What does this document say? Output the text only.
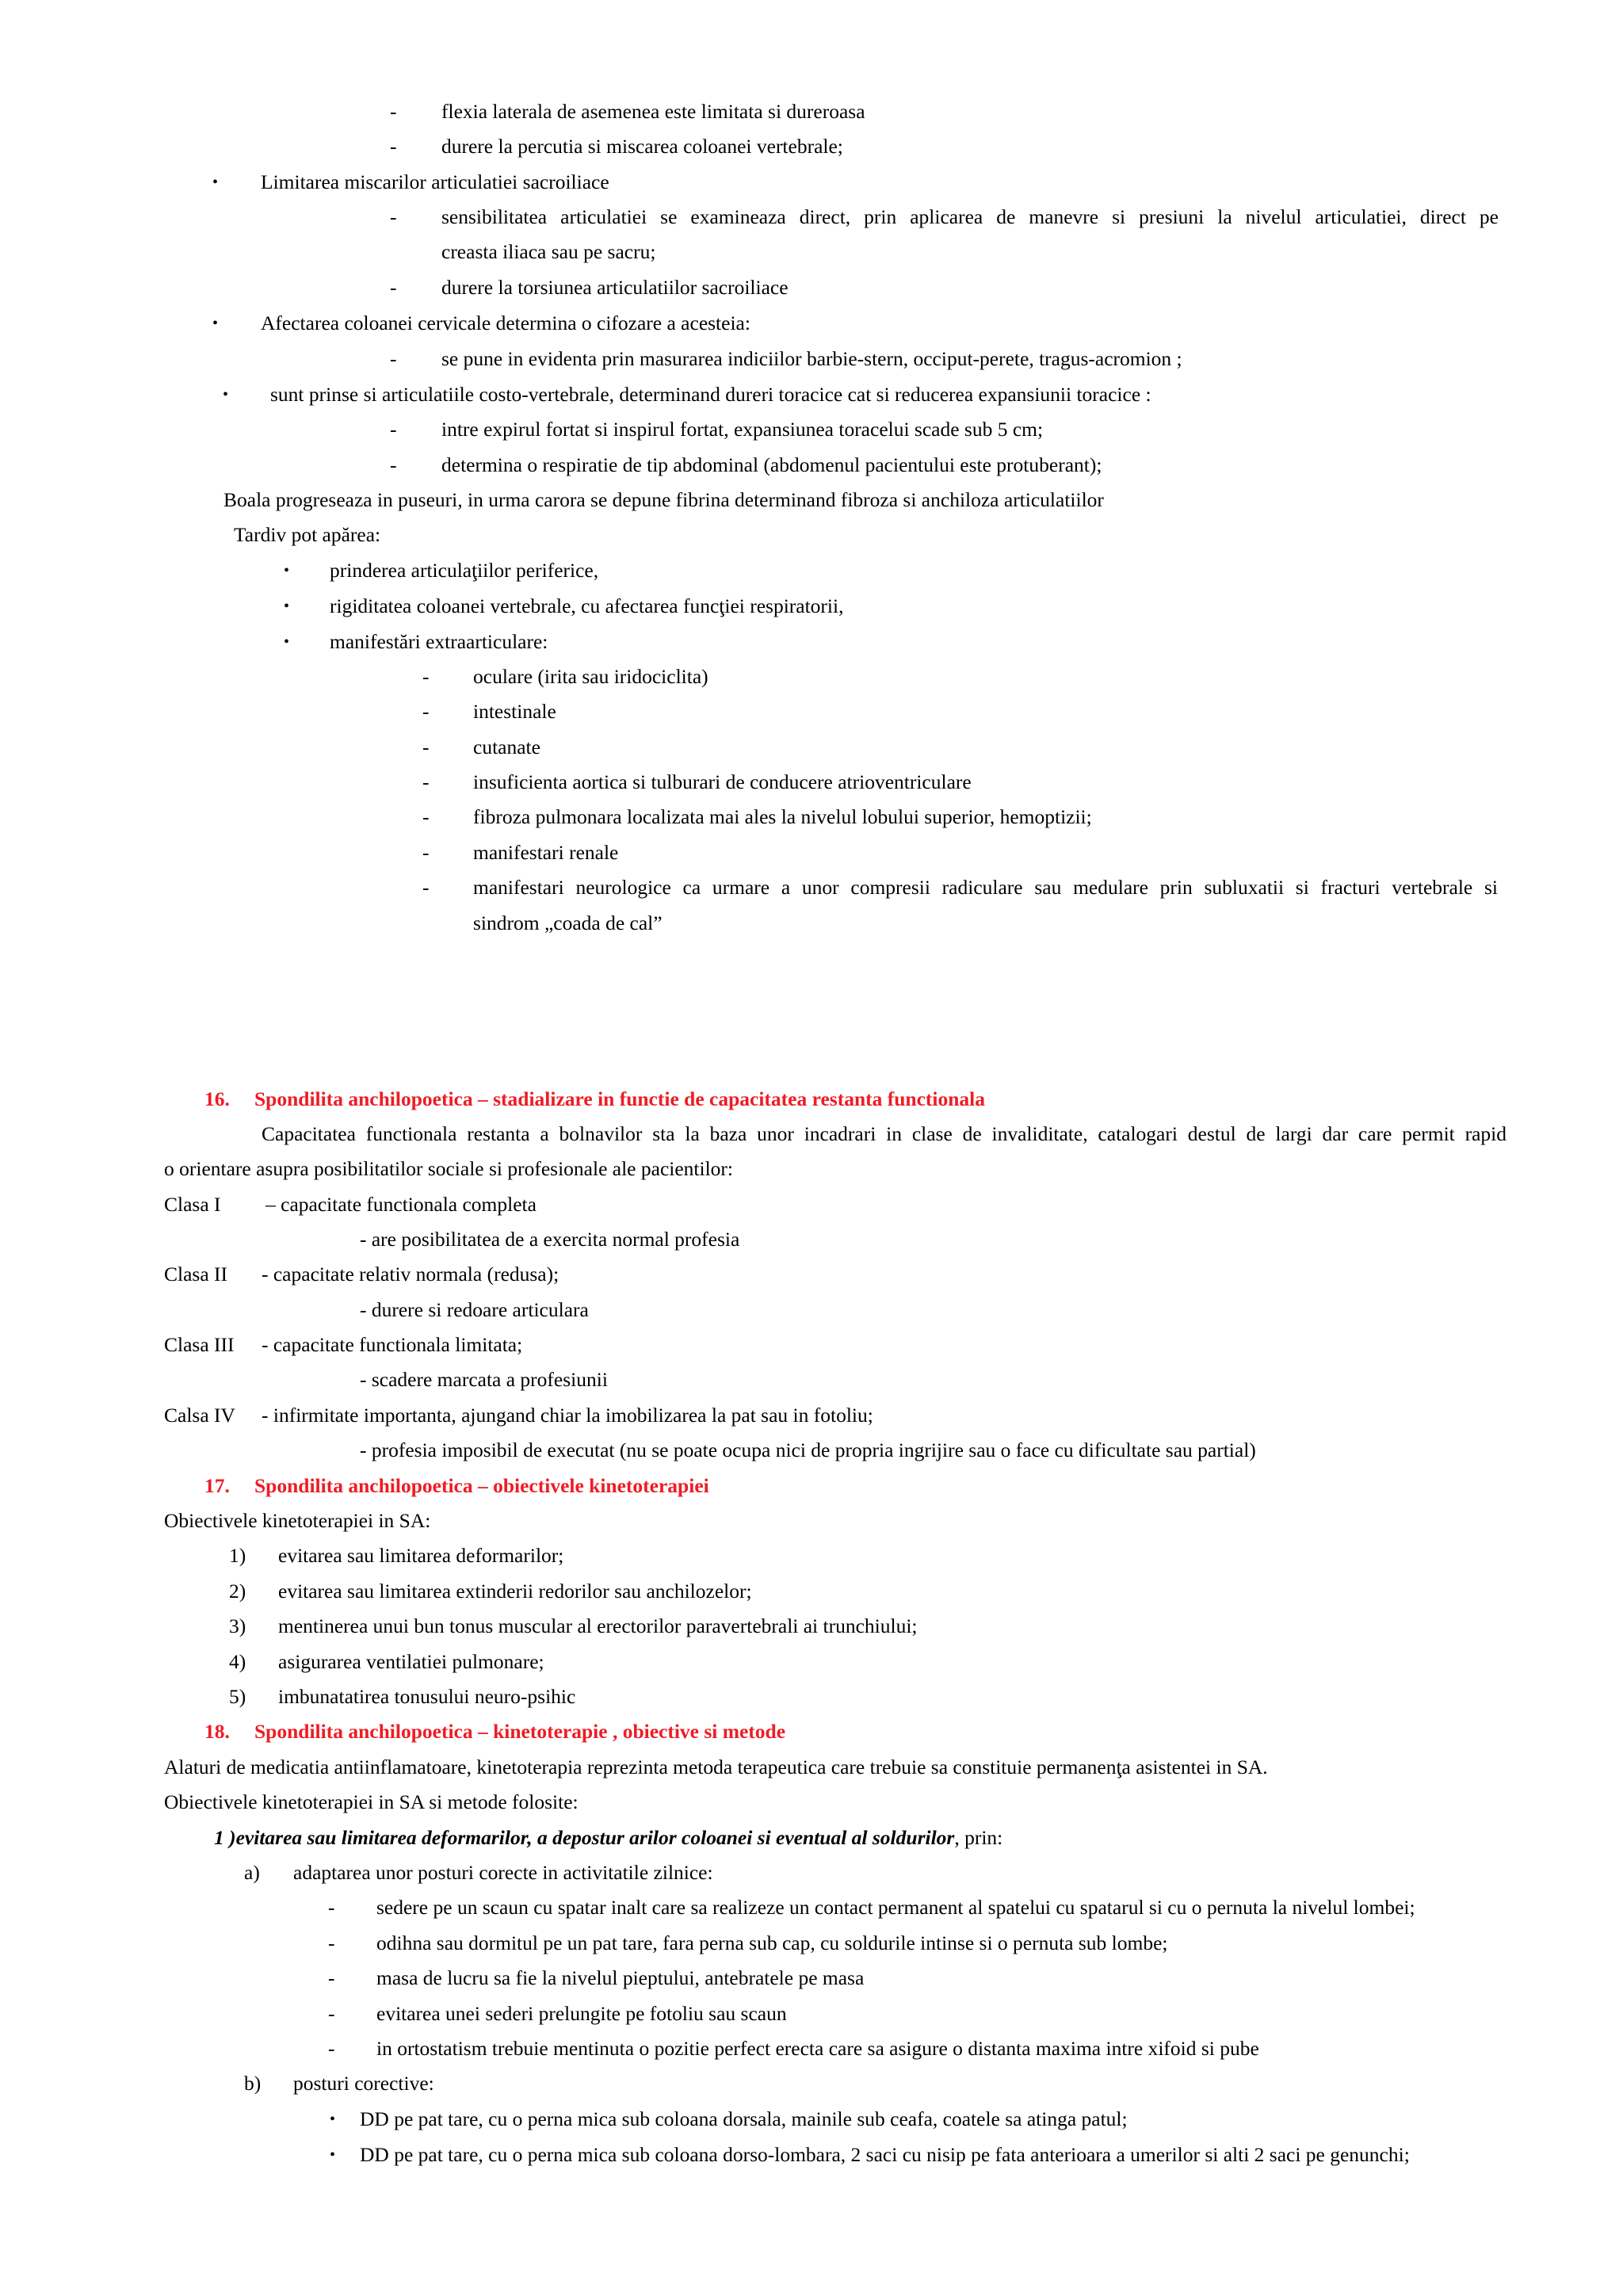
- flexia laterala de asemenea este limitata si dureroasa
- durere la percutia si miscarea coloanei vertebrale;
• Limitarea miscarilor articulatiei sacroiliace
- sensibilitatea articulatiei se examineaza direct, prin aplicarea de manevre si presiuni la nivelul articulatiei, direct pe
creasta iliaca sau pe sacru;
- durere la torsiunea articulatiilor sacroiliace
• Afectarea coloanei cervicale determina o cifozare a acesteia:
- se pune in evidenta prin masurarea indiciilor barbie-stern, occiput-perete, tragus-acromion ;
• sunt prinse si articulatiile costo-vertebrale, determinand dureri toracice cat si reducerea expansiunii toracice :
- intre expirul fortat si inspirul fortat, expansiunea toracelui scade sub 5 cm;
- determina o respiratie de tip abdominal (abdomenul pacientului este protuberant);
Boala progreseaza in puseuri, in urma carora se depune fibrina determinand fibroza si anchiloza articulatiilor
Tardiv pot apărea:
• prinderea articulaţiilor periferice,
• rigiditatea coloanei vertebrale, cu afectarea funcţiei respiratorii,
• manifestări extraarticulare:
- oculare (irita sau iridociclita)
- intestinale
- cutanate
- insuficienta aortica si tulburari de conducere atrioventriculare
- fibroza pulmonara localizata mai ales la nivelul lobului superior, hemoptizii;
- manifestari renale
- manifestari neurologice ca urmare a unor compresii radiculare sau medulare prin subluxatii si fracturi vertebrale si
sindrom „coada de cal”
16. Spondilita anchilopoetica – stadializare in functie de capacitatea restanta functionala
Capacitatea functionala restanta a bolnavilor sta la baza unor incadrari in clase de invaliditate, catalogari destul de largi dar care permit rapid
o orientare asupra posibilitatilor sociale si profesionale ale pacientilor:
Clasa I – capacitate functionala completa
- are posibilitatea de a exercita normal profesia
Clasa II - capacitate relativ normala (redusa);
- durere si redoare articulara
Clasa III - capacitate functionala limitata;
- scadere marcata a profesiunii
Calsa IV - infirmitate importanta, ajungand chiar la imobilizarea la pat sau in fotoliu;
- profesia imposibil de executat (nu se poate ocupa nici de propria ingrijire sau o face cu dificultate sau partial)
17. Spondilita anchilopoetica – obiectivele kinetoterapiei
Obiectivele kinetoterapiei in SA:
1) evitarea sau limitarea deformarilor;
2) evitarea sau limitarea extinderii redorilor sau anchilozelor;
3) mentinerea unui bun tonus muscular al erectorilor paravertebrali ai trunchiului;
4) asigurarea ventilatiei pulmonare;
5) imbunatatirea tonusului neuro-psihic
18. Spondilita anchilopoetica – kinetoterapie , obiective si metode
Alaturi de medicatia antiinflamatoare, kinetoterapia reprezinta metoda terapeutica care trebuie sa constituie permanenţa asistentei in SA.
Obiectivele kinetoterapiei in SA si metode folosite:
1 )evitarea sau limitarea deformarilor, a depostur arilor coloanei si eventual al soldurilor, prin:
a) adaptarea unor posturi corecte in activitatile zilnice:
- sedere pe un scaun cu spatar inalt care sa realizeze un contact permanent al spatelui cu spatarul si cu o pernuta la nivelul lombei;
- odihna sau dormitul pe un pat tare, fara perna sub cap, cu soldurile intinse si o pernuta sub lombe;
- masa de lucru sa fie la nivelul pieptului, antebratele pe masa
- evitarea unei sederi prelungite pe fotoliu sau scaun
- in ortostatism trebuie mentinuta o pozitie perfect erecta care sa asigure o distanta maxima intre xifoid si pube
b) posturi corective:
• DD pe pat tare, cu o perna mica sub coloana dorsala, mainile sub ceafa, coatele sa atinga patul;
• DD pe pat tare, cu o perna mica sub coloana dorso-lombara, 2 saci cu nisip pe fata anterioara a umerilor si alti 2 saci pe genunchi;
